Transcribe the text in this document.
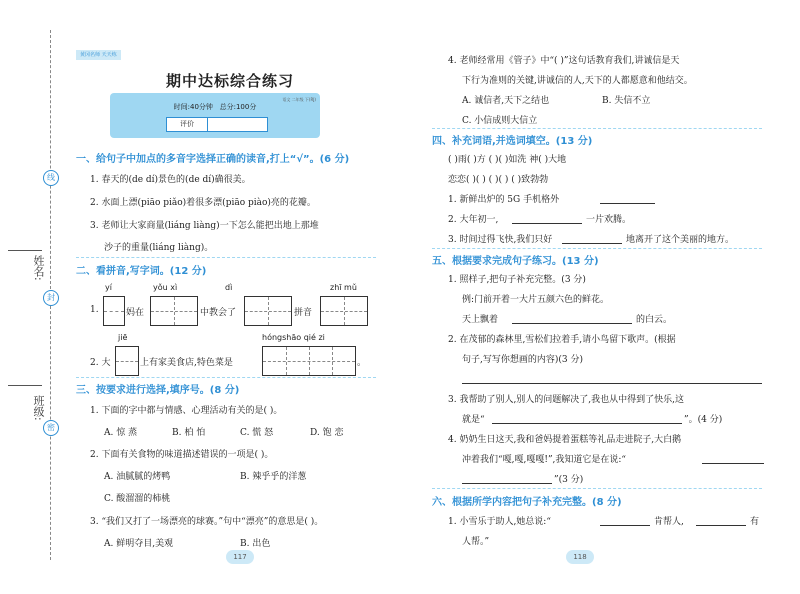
姓名:
班级:
线
封
密
黄冈名师 天天练
期中达标综合练习
语文 二年级 下(RJ)
时间:40分钟 总分:100分
评价
一、给句子中加点的多音字选择正确的读音,打上“√”。(6 分)
1. 春天的(de dí)景色的(de dí)确很美。
2. 水面上漂(piāo piǎo)着很多漂(piāo piào)亮的花瓣。
3. 老师让大家商量(liáng liàng)一下怎么能把出地上那堆
沙子的重量(liáng liàng)。
二、看拼音,写字词。(12 分)
yí	yǒu xì	dì	zhī mǔ
1.	妈在	中教会了	拼音
jiē	hóngshāo qié zi
2. 大	上有家美食店,特色菜是	。
三、按要求进行选择,填序号。(8 分)
1. 下面的字中都与情感、心理活动有关的是( )。
A. 惊 蒸	B. 柏 怕	C. 慌 怒	D. 饱 恋
2. 下面有关食物的味道描述错误的一项是( )。
A. 油腻腻的烤鸭	B. 辣乎乎的洋葱
C. 酸溜溜的柿桃
3. “我们又打了一场漂亮的球赛。”句中“漂亮”的意思是( )。
A. 鲜明夺目,美观	B. 出色
117
4. 老师经常用《管子》中“( )”这句话教育我们,讲诚信是天
下行为准则的关键,讲诚信的人,天下的人都愿意和他结交。
A. 诚信者,天下之结也	B. 失信不立
C. 小信成则大信立
四、补充词语,并选词填空。(13 分)
( )雨( )方 ( )( )如洗 神( )大地
恋恋( )( ) ( )( ) ( )致勃勃
1. 新鲜出炉的 5G 手机格外
2. 大年初一,	一片欢腾。
3. 时间过得飞快,我们只好	地离开了这个美丽的地方。
五、根据要求完成句子练习。(13 分)
1. 照样子,把句子补充完整。(3 分)
例:门前开着一大片五颜六色的鲜花。
天上飘着	的白云。
2. 在茂郁的森林里,雪松们拉着手,请小鸟留下歌声。(根据
句子,写写你想画的内容)(3 分)
3. 我帮助了别人,别人的问题解决了,我也从中得到了快乐,这
就是“	”。(4 分)
4. 奶奶生日这天,我和爸妈提着蛋糕等礼品走进院子,大白鹅
冲着我们“嘎,嘎,嘎嘎!”,我知道它是在说:“
”(3 分)
六、根据所学内容把句子补充完整。(8 分)
1. 小雪乐于助人,她总说:“	肯帮人,	有
人帮。”
118
